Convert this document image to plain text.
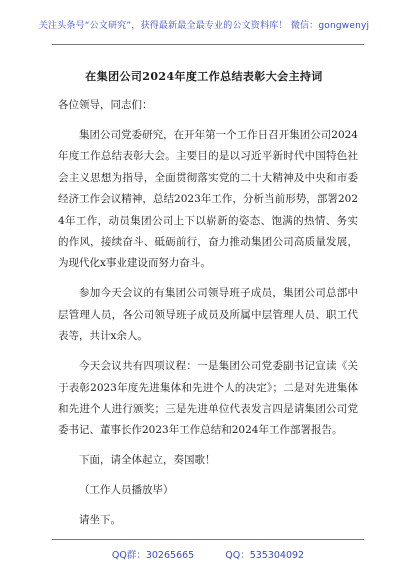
关注头条号“公文研究”，获得最新最全最专业的公文资料库！ 微信：gongwenyj
在集团公司2024年度工作总结表彰大会主持词

各位领导，同志们：

集团公司党委研究，在开年第一个工作日召开集团公司2024年度工作总结表彰大会。主要目的是以习近平新时代中国特色社会主义思想为指导，全面贯彻落实党的二十大精神及中央和市委经济工作会议精神，总结2023年工作，分析当前形势，部署2024年工作，动员集团公司上下以崭新的姿态、饱满的热情、务实的作风，接续奋斗、砥砺前行，奋力推动集团公司高质量发展，为现代化x事业建设而努力奋斗。

参加今天会议的有集团公司领导班子成员，集团公司总部中层管理人员，各公司领导班子成员及所属中层管理人员、职工代表等，共计x余人。

今天会议共有四项议程：一是集团公司党委副书记宣读《关于表彰2023年度先进集体和先进个人的决定》；二是对先进集体和先进个人进行颁奖；三是先进单位代表发言四是请集团公司党委书记、董事长作2023年工作总结和2024年工作部署报告。

下面，请全体起立，奏国歌！

（工作人员播放毕）

请坐下。

QQ群：30265665	QQ：535304092
